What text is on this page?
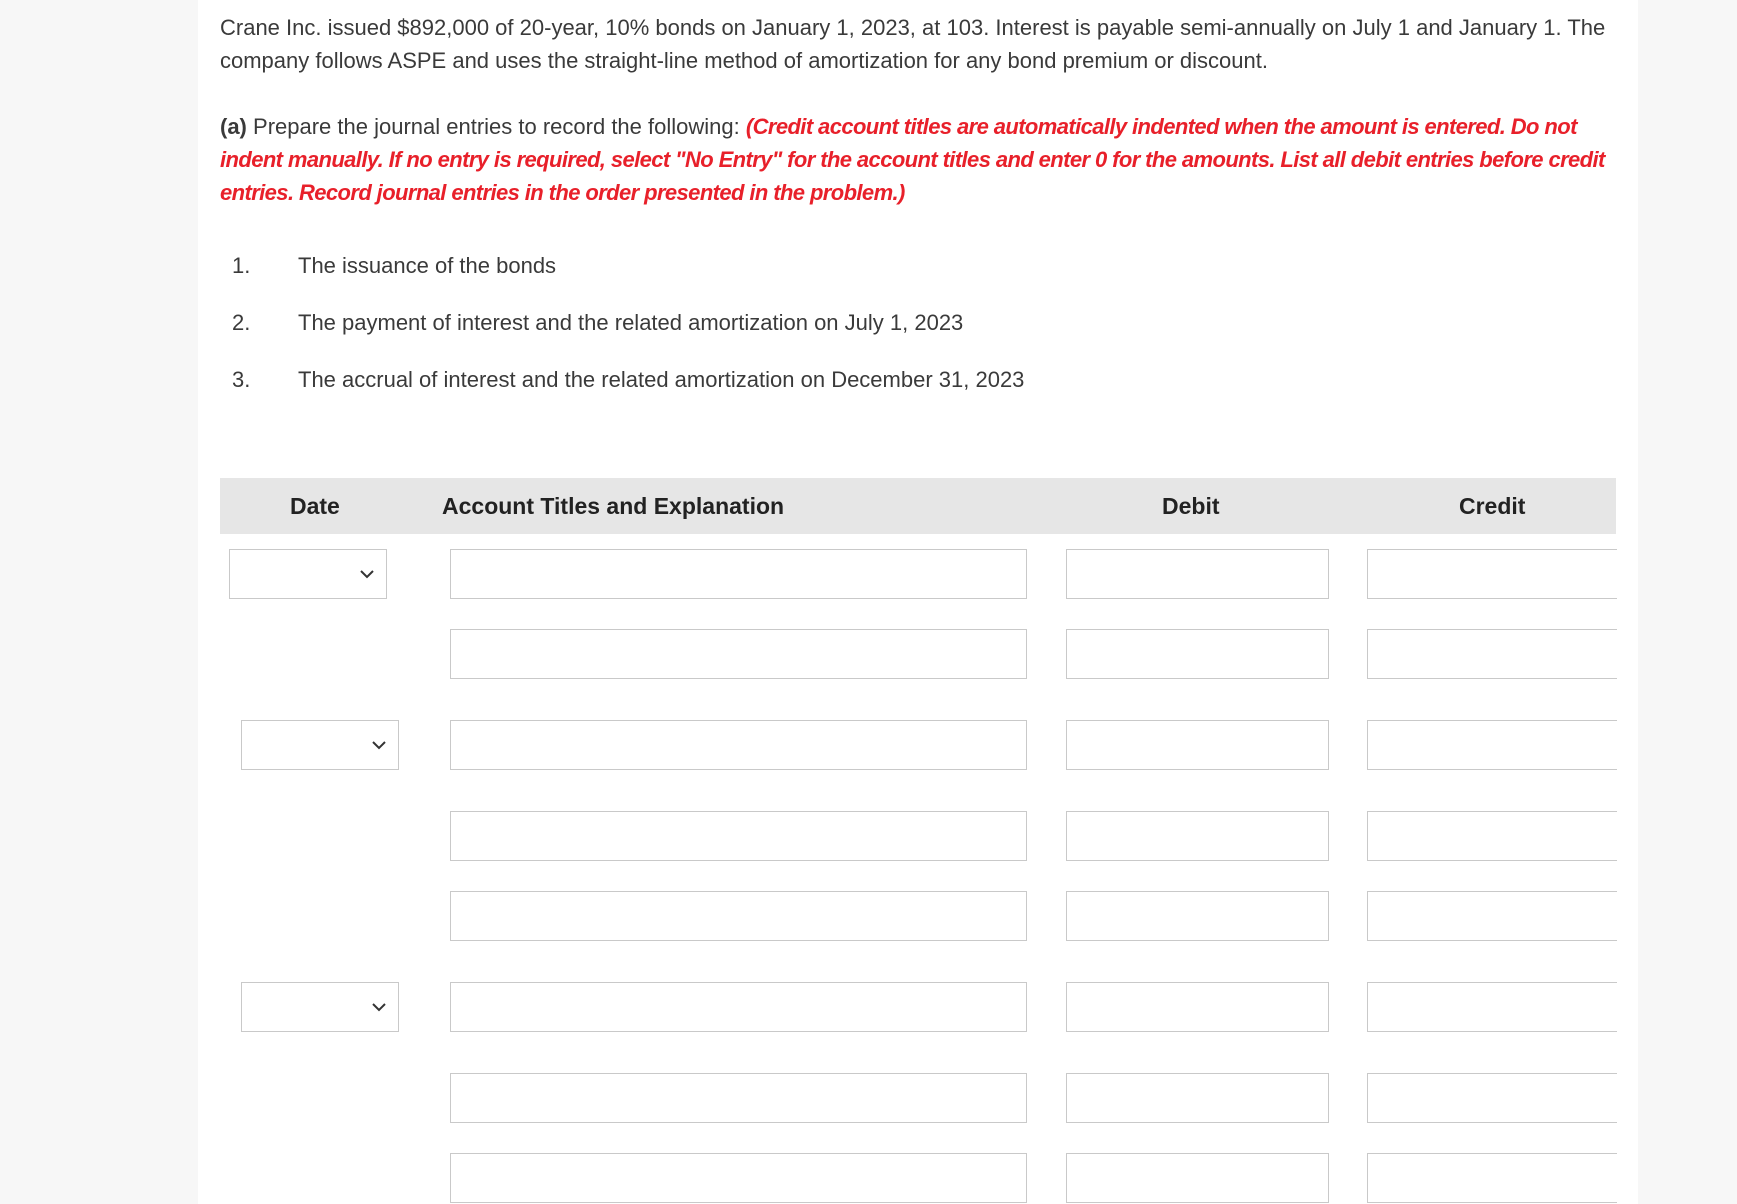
Crane Inc. issued $892,000 of 20-year, 10% bonds on January 1, 2023, at 103. Interest is payable semi-annually on July 1 and January 1. The company follows ASPE and uses the straight-line method of amortization for any bond premium or discount.

(a) Prepare the journal entries to record the following: (Credit account titles are automatically indented when the amount is entered. Do not indent manually. If no entry is required, select "No Entry" for the account titles and enter 0 for the amounts. List all debit entries before credit entries. Record journal entries in the order presented in the problem.)

1. The issuance of the bonds
2. The payment of interest and the related amortization on July 1, 2023
3. The accrual of interest and the related amortization on December 31, 2023
Date	Account Titles and Explanation	Debit	Credit
